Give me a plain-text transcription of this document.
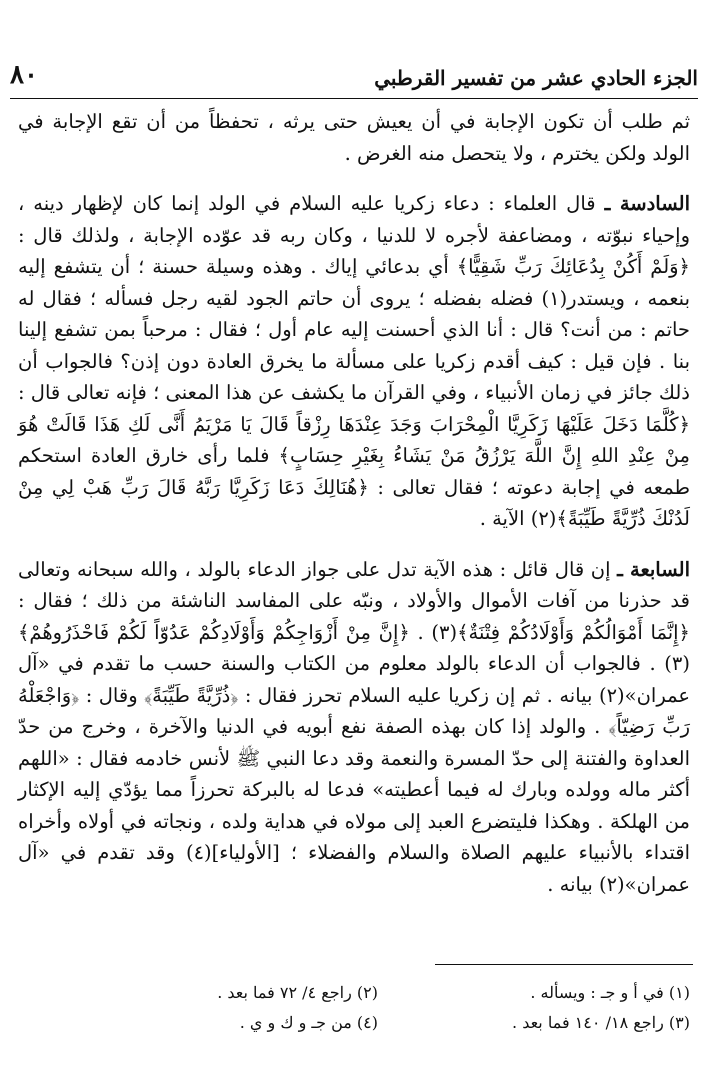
٨٠	الجزء الحادي عشر من تفسير القرطبي

ثم طلب أن تكون الإجابة في أن يعيش حتى يرثه ، تحفظاً من أن تقع الإجابة في الولد ولكن يخترم ، ولا يتحصل منه الغرض .

السادسة ـ قال العلماء : دعاء زكريا عليه السلام في الولد إنما كان لإظهار دينه ، وإحياء نبوّته ، ومضاعفة لأجره لا للدنيا ، وكان ربه قد عوّده الإجابة ، ولذلك قال : ﴿وَلَمْ أَكُنْ بِدُعَائِكَ رَبِّ شَقِيًّا﴾ أي بدعائي إياك . وهذه وسيلة حسنة ؛ أن يتشفع إليه بنعمه ، ويستدر(١) فضله بفضله ؛ يروى أن حاتم الجود لقيه رجل فسأله ؛ فقال له حاتم : من أنت؟ قال : أنا الذي أحسنت إليه عام أول ؛ فقال : مرحباً بمن تشفع إلينا بنا . فإن قيل : كيف أقدم زكريا على مسألة ما يخرق العادة دون إذن؟ فالجواب أن ذلك جائز في زمان الأنبياء ، وفي القرآن ما يكشف عن هذا المعنى ؛ فإنه تعالى قال : ﴿كُلَّمَا دَخَلَ عَلَيْهَا زَكَرِيَّا الْمِحْرَابَ وَجَدَ عِنْدَهَا رِزْقاً قَالَ يَا مَرْيَمُ أَنَّى لَكِ هَذَا قَالَتْ هُوَ مِنْ عِنْدِ اللهِ إِنَّ اللَّهَ يَرْزُقُ مَنْ يَشَاءُ بِغَيْرِ حِسَابٍ﴾ فلما رأى خارق العادة استحكم طمعه في إجابة دعوته ؛ فقال تعالى : ﴿هُنَالِكَ دَعَا زَكَرِيَّا رَبَّهُ قَالَ رَبِّ هَبْ لِي مِنْ لَدُنْكَ ذُرِّيَّةً طَيِّبَةً﴾(٢) الآية .

السابعة ـ إن قال قائل : هذه الآية تدل على جواز الدعاء بالولد ، والله سبحانه وتعالى قد حذرنا من آفات الأموال والأولاد ، ونبّه على المفاسد الناشئة من ذلك ؛ فقال : ﴿إِنَّمَا أَمْوَالُكُمْ وَأَوْلَادُكُمْ فِتْنَةٌ﴾(٣) . ﴿إِنَّ مِنْ أَزْوَاجِكُمْ وَأَوْلَادِكُمْ عَدُوّاً لَكُمْ فَاحْذَرُوهُمْ﴾(٣) . فالجواب أن الدعاء بالولد معلوم من الكتاب والسنة حسب ما تقدم في «آل عمران»(٢) بيانه . ثم إن زكريا عليه السلام تحرز فقال : ﴿ذُرِّيَّةً طَيِّبَةً﴾ وقال : ﴿وَاجْعَلْهُ رَبِّ رَضِيّاً﴾ . والولد إذا كان بهذه الصفة نفع أبويه في الدنيا والآخرة ، وخرج من حدّ العداوة والفتنة إلى حدّ المسرة والنعمة وقد دعا النبي ﷺ لأنس خادمه فقال : «اللهم أكثر ماله وولده وبارك له فيما أعطيته» فدعا له بالبركة تحرزاً مما يؤدّي إليه الإكثار من الهلكة . وهكذا فليتضرع العبد إلى مولاه في هداية ولده ، ونجاته في أولاه وأخراه اقتداء بالأنبياء عليهم الصلاة والسلام والفضلاء ؛ [الأولياء](٤) وقد تقدم في «آل عمران»(٢) بيانه .

(١) في أ و جـ : ويسأله .
(٢) راجع ٤/ ٧٢ فما بعد .
(٣) راجع ١٨/ ١٤٠ فما بعد .
(٤) من جـ و ك و ي .
